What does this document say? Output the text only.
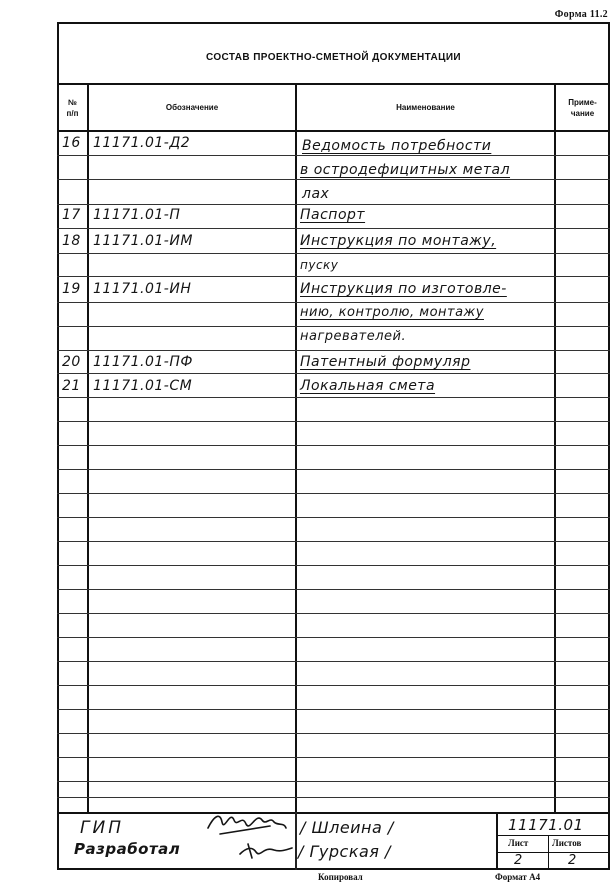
Форма 11.2
СОСТАВ ПРОЕКТНО-СМЕТНОЙ ДОКУМЕНТАЦИИ
№
п/п
Обозначение	Наименование
Приме-
чание
16 11171.01-Д2	Ведомость потребности
в остродефицитных метал
лах
17 11171.01-П	Паспорт
18 11171.01-ИМ	Инструкция по монтажу,
пуску
19 11171.01-ИН	Инструкция по изготовле-
нию, контролю, монтажу
нагревателей.
20 11171.01-ПФ	Патентный формуляр
21 11171.01-СМ	Локальная смета
ГИП
Разработал
/ Шлеина /
/ Гурская /
11171.01
Лист	Листов
2	2
Копировал	Формат А4
